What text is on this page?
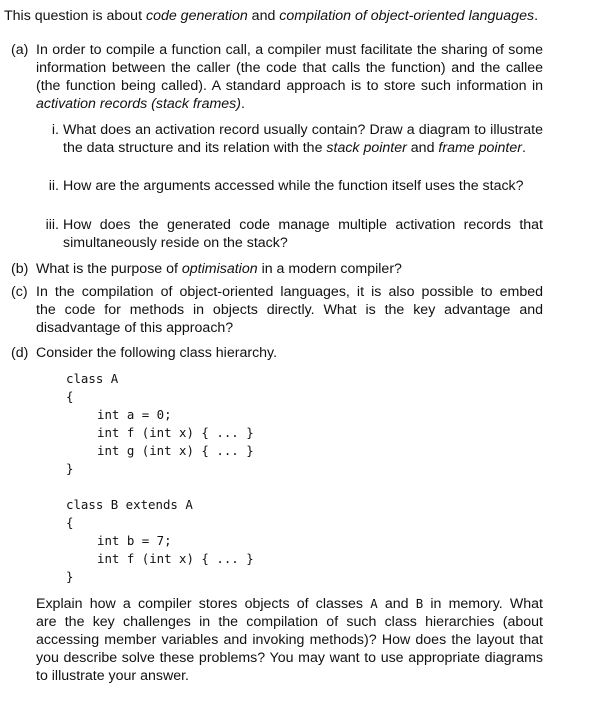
This question is about code generation and compilation of object-oriented languages.
(a) In order to compile a function call, a compiler must facilitate the sharing of some
information between the caller (the code that calls the function) and the callee
(the function being called). A standard approach is to store such information in
activation records (stack frames).
i. What does an activation record usually contain? Draw a diagram to illustrate
the data structure and its relation with the stack pointer and frame pointer.
ii. How are the arguments accessed while the function itself uses the stack?
iii. How does the generated code manage multiple activation records that
simultaneously reside on the stack?
(b) What is the purpose of optimisation in a modern compiler?
(c) In the compilation of object-oriented languages, it is also possible to embed
the code for methods in objects directly. What is the key advantage and
disadvantage of this approach?
(d) Consider the following class hierarchy.
class A
{
int a = 0;
int f (int x) { ... }
int g (int x) { ... }
}
class B extends A
{
int b = 7;
int f (int x) { ... }
}
Explain how a compiler stores objects of classes A and B in memory. What
are the key challenges in the compilation of such class hierarchies (about
accessing member variables and invoking methods)? How does the layout that
you describe solve these problems? You may want to use appropriate diagrams
to illustrate your answer.
